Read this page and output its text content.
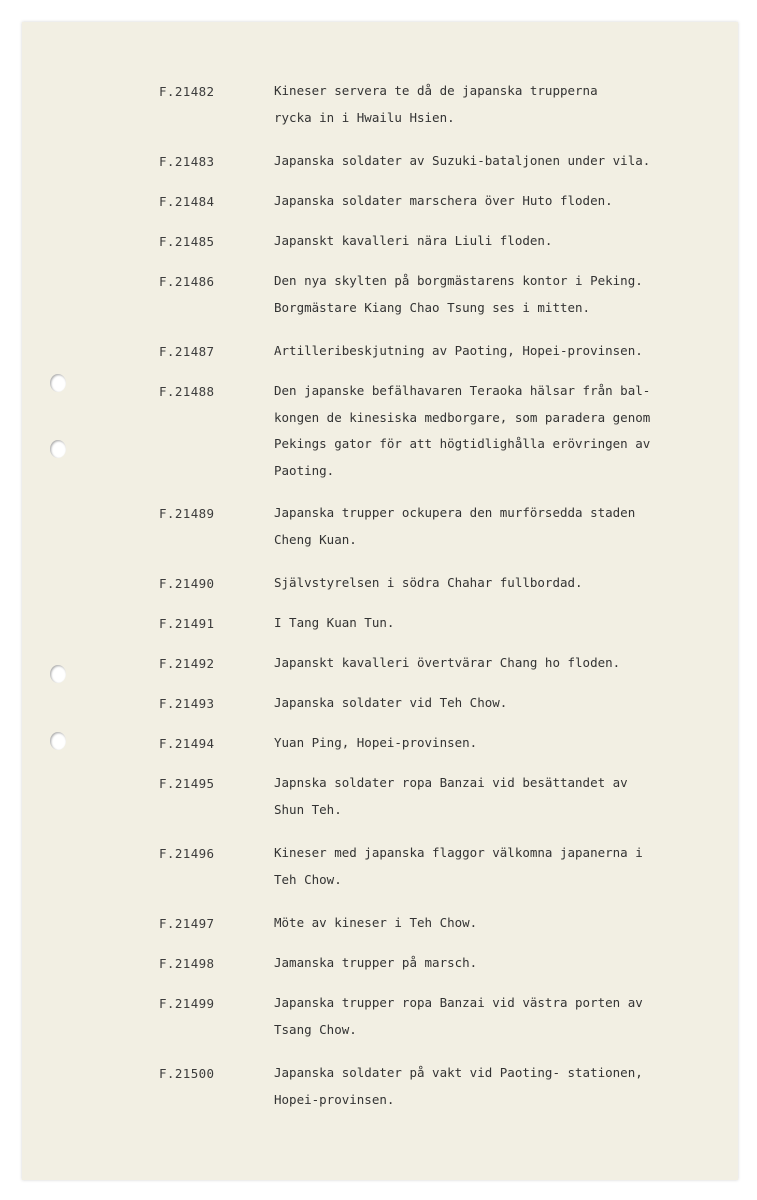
F.21482	Kineser servera te då de japanska trupperna
rycka in i Hwailu Hsien.
F.21483	Japanska soldater av Suzuki-bataljonen under vila.
F.21484	Japanska soldater marschera över Huto floden.
F.21485	Japanskt kavalleri nära Liuli floden.
F.21486	Den nya skylten på borgmästarens kontor i Peking.
Borgmästare Kiang Chao Tsung ses i mitten.
F.21487	Artilleribeskjutning av Paoting, Hopei-provinsen.
F.21488	Den japanske befälhavaren Teraoka hälsar från bal-
kongen de kinesiska medborgare, som paradera genom
Pekings gator för att högtidlighålla erövringen av
Paoting.
F.21489	Japanska trupper ockupera den murförsedda staden
Cheng Kuan.
F.21490	Självstyrelsen i södra Chahar fullbordad.
F.21491	I Tang Kuan Tun.
F.21492	Japanskt kavalleri övertvärar Chang ho floden.
F.21493	Japanska soldater vid Teh Chow.
F.21494	Yuan Ping, Hopei-provinsen.
F.21495	Japnska soldater ropa Banzai vid besättandet av
Shun Teh.
F.21496	Kineser med japanska flaggor välkomna japanerna i
Teh Chow.
F.21497	Möte av kineser i Teh Chow.
F.21498	Jamanska trupper på marsch.
F.21499	Japanska trupper ropa Banzai vid västra porten av
Tsang Chow.
F.21500	Japanska soldater på vakt vid Paoting- stationen,
Hopei-provinsen.
